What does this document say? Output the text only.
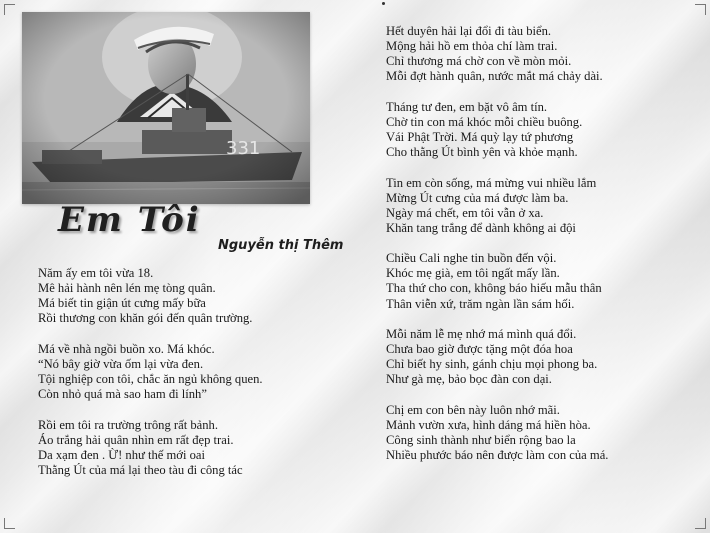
Em Tôi
Nguyễn thị Thêm
Năm ấy em tôi vừa 18.
Mê hải hành nên lén mẹ tòng quân.
Má biết tin giận út cưng mấy bữa
Rồi thương con khăn gói đến quân trường.
Má về nhà ngồi buồn xo. Má khóc.
“Nó bây giờ vừa ốm lại vừa đen.
Tội nghiệp con tôi, chắc ăn ngủ không quen.
Còn nhỏ quá mà sao ham đi lính”
Rồi em tôi ra trường trông rất bảnh.
Áo trắng hải quân nhìn em rất đẹp trai.
Da xạm đen . Ừ! như thế mới oai
Thằng Út của má lại theo tàu đi công tác
Hết duyên hải lại đổi đi tàu biển.
Mộng hải hồ em thỏa chí làm trai.
Chỉ thương má chờ con về mòn mỏi.
Mỗi đợt hành quân, nước mắt má chảy dài.
Tháng tư đen, em bặt vô âm tín.
Chờ tin con má khóc mỗi chiều buông.
Vái Phật Trời. Má quỳ lạy tứ phương
Cho thằng Út bình yên và khỏe mạnh.
Tin em còn sống, má mừng vui nhiều lắm
Mừng Út cưng của má được làm ba.
Ngày má chết, em tôi vẫn ở xa.
Khăn tang trắng để dành không ai đội
Chiều Cali nghe tin buồn đến vội.
Khóc mẹ già, em tôi ngất mấy lần.
Tha thứ cho con, không báo hiếu mẫu thân
Thân viễn xứ, trăm ngàn lần sám hối.
Mỗi năm lễ mẹ nhớ má mình quá đổi.
Chưa bao giờ được tặng một đóa hoa
Chỉ biết hy sinh, gánh chịu mọi phong ba.
Như gà mẹ, bảo bọc đàn con dại.
Chị em con bên này luôn nhớ mãi.
Mảnh vườn xưa, hình dáng má hiền hòa.
Công sinh thành như biển rộng bao la
Nhiều phước báo nên được làm con của má.
